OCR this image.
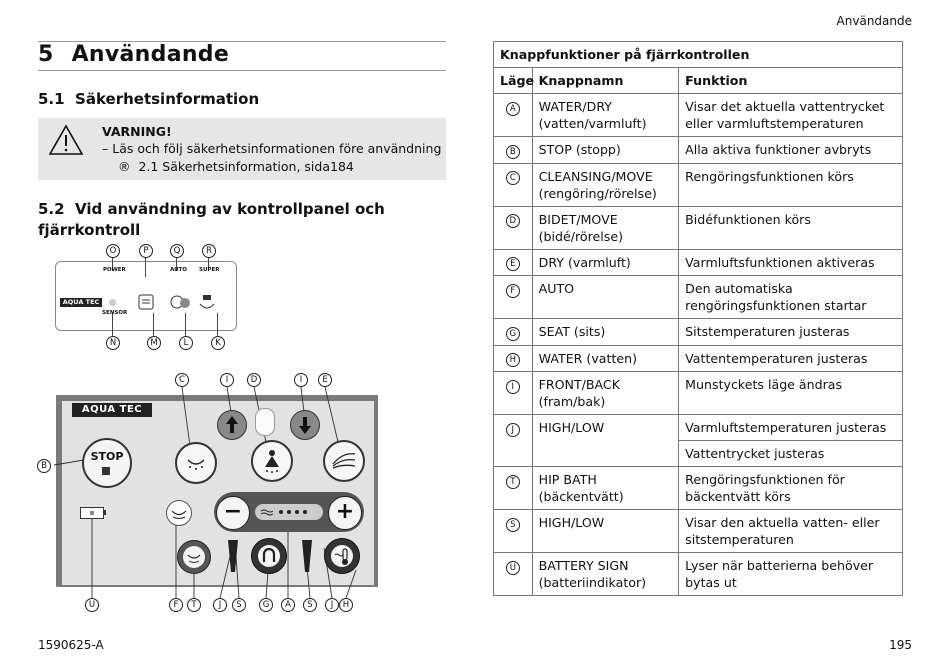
Användande
5 Användande
5.1 Säkerhetsinformation
VARNING!
– Läs och följ säkerhetsinformationen före användning
® 2.1 Säkerhetsinformation, sida184
5.2 Vid användning av kontrollpanel och
fjärrkontroll
O	P	Q	R
POWER	AUTO SUPER
AQUA TEC
SENSOR
N	M	L	K
C	I	D	I	E
AQUA TEC
STOP
−	+
B
U	F	T	J	S	G	A	S	J	H
Knappfunktioner på fjärrkontrollen		
Läge	Knappnamn	Funktion
A	WATER/DRY (vatten/varmluft)	Visar det aktuella vattentrycket eller varmluftstemperaturen
B	STOP (stopp)	Alla aktiva funktioner avbryts
C	CLEANSING/MOVE (rengöring/rörelse)	Rengöringsfunktionen körs
D	BIDET/MOVE (bidé/rörelse)	Bidéfunktionen körs
E	DRY (varmluft)	Varmluftsfunktionen aktiveras
F	AUTO	Den automatiska rengöringsfunktionen startar
G	SEAT (sits)	Sitstemperaturen justeras
H	WATER (vatten)	Vattentemperaturen justeras
I	FRONT/BACK (fram/bak)	Munstyckets läge ändras
J	HIGH/LOW	Varmluftstemperaturen justeras
		Vattentrycket justeras
T	HIP BATH (bäckentvätt)	Rengöringsfunktionen för bäckentvätt körs
S	HIGH/LOW	Visar den aktuella vatten- eller sitstemperaturen
U	BATTERY SIGN (batteriindikator)	Lyser när batterierna behöver bytas ut
1590625-A	195
